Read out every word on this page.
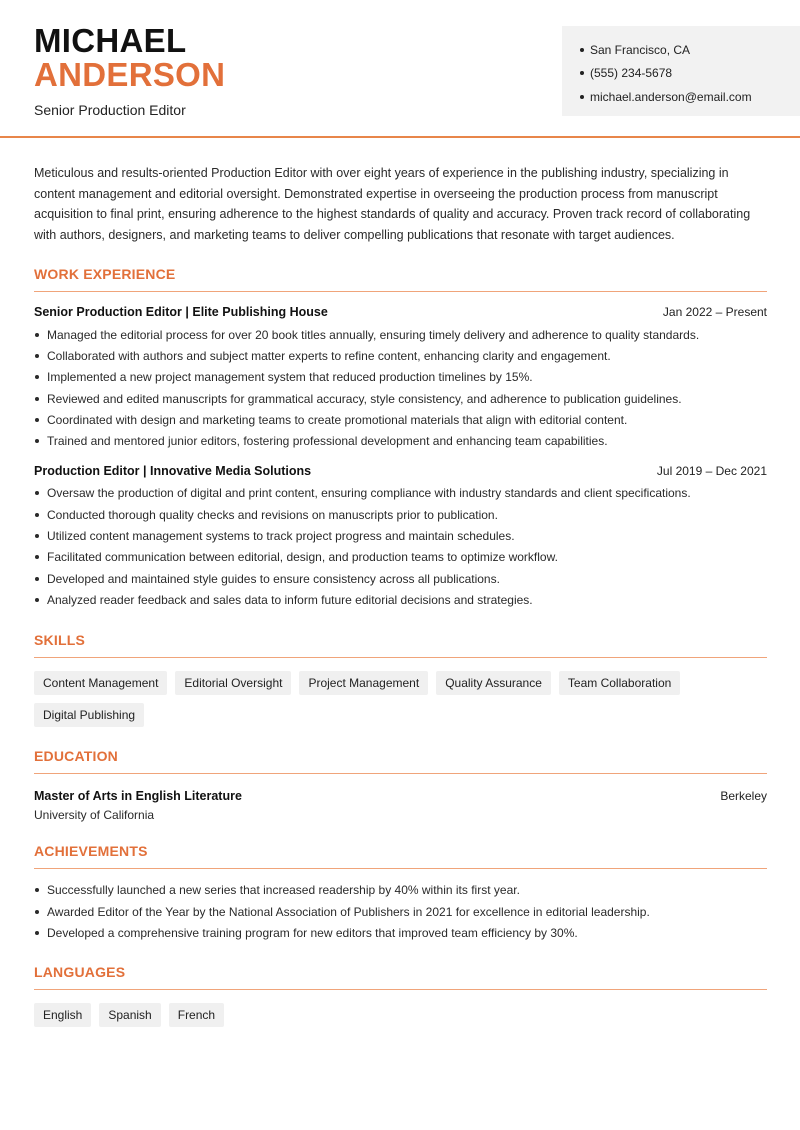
MICHAEL
ANDERSON
Senior Production Editor
San Francisco, CA
(555) 234-5678
michael.anderson@email.com

Meticulous and results-oriented Production Editor with over eight years of experience in the publishing industry, specializing in content management and editorial oversight. Demonstrated expertise in overseeing the production process from manuscript acquisition to final print, ensuring adherence to the highest standards of quality and accuracy. Proven track record of collaborating with authors, designers, and marketing teams to deliver compelling publications that resonate with target audiences.

WORK EXPERIENCE
Senior Production Editor | Elite Publishing House	Jan 2022 – Present
Managed the editorial process for over 20 book titles annually, ensuring timely delivery and adherence to quality standards.
Collaborated with authors and subject matter experts to refine content, enhancing clarity and engagement.
Implemented a new project management system that reduced production timelines by 15%.
Reviewed and edited manuscripts for grammatical accuracy, style consistency, and adherence to publication guidelines.
Coordinated with design and marketing teams to create promotional materials that align with editorial content.
Trained and mentored junior editors, fostering professional development and enhancing team capabilities.
Production Editor | Innovative Media Solutions	Jul 2019 – Dec 2021
Oversaw the production of digital and print content, ensuring compliance with industry standards and client specifications.
Conducted thorough quality checks and revisions on manuscripts prior to publication.
Utilized content management systems to track project progress and maintain schedules.
Facilitated communication between editorial, design, and production teams to optimize workflow.
Developed and maintained style guides to ensure consistency across all publications.
Analyzed reader feedback and sales data to inform future editorial decisions and strategies.
SKILLS
Content Management	Editorial Oversight	Project Management	Quality Assurance	Team Collaboration
Digital Publishing
EDUCATION
Master of Arts in English Literature	Berkeley
University of California
ACHIEVEMENTS
Successfully launched a new series that increased readership by 40% within its first year.
Awarded Editor of the Year by the National Association of Publishers in 2021 for excellence in editorial leadership.
Developed a comprehensive training program for new editors that improved team efficiency by 30%.
LANGUAGES
English	Spanish	French
